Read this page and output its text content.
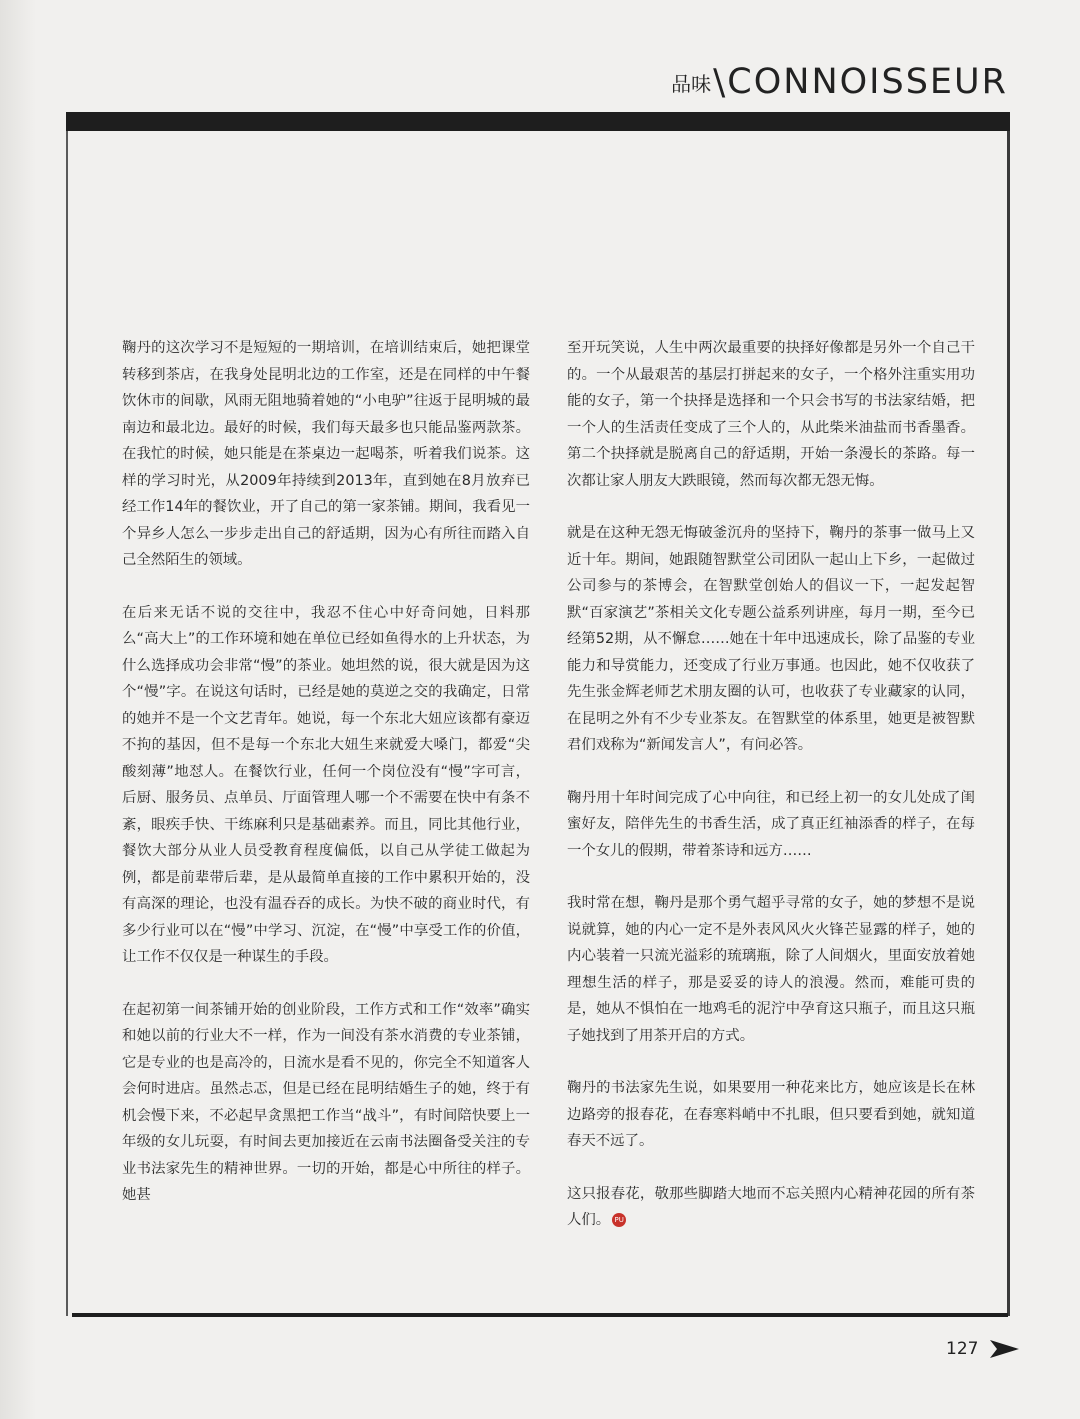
品味 \ CONNOISSEUR

鞠丹的这次学习不是短短的一期培训，在培训结束后，她把课堂转移到茶店，在我身处昆明北边的工作室，还是在同样的中午餐饮休市的间歇，风雨无阻地骑着她的“小电驴”往返于昆明城的最南边和最北边。最好的时候，我们每天最多也只能品鉴两款茶。在我忙的时候，她只能是在茶桌边一起喝茶，听着我们说茶。这样的学习时光，从2009年持续到2013年，直到她在8月放弃已经工作14年的餐饮业，开了自己的第一家茶铺。期间，我看见一个异乡人怎么一步步走出自己的舒适期，因为心有所往而踏入自己全然陌生的领域。

在后来无话不说的交往中，我忍不住心中好奇问她，日料那么“高大上”的工作环境和她在单位已经如鱼得水的上升状态，为什么选择成功会非常“慢”的茶业。她坦然的说，很大就是因为这个“慢”字。在说这句话时，已经是她的莫逆之交的我确定，日常的她并不是一个文艺青年。她说，每一个东北大妞应该都有豪迈不拘的基因，但不是每一个东北大妞生来就爱大嗓门，都爱“尖酸刻薄”地怼人。在餐饮行业，任何一个岗位没有“慢”字可言，后厨、服务员、点单员、厅面管理人哪一个不需要在快中有条不紊，眼疾手快、干练麻利只是基础素养。而且，同比其他行业，餐饮大部分从业人员受教育程度偏低，以自己从学徒工做起为例，都是前辈带后辈，是从最简单直接的工作中累积开始的，没有高深的理论，也没有温吞吞的成长。为快不破的商业时代，有多少行业可以在“慢”中学习、沉淀，在“慢”中享受工作的价值，让工作不仅仅是一种谋生的手段。

在起初第一间茶铺开始的创业阶段，工作方式和工作“效率”确实和她以前的行业大不一样，作为一间没有茶水消费的专业茶铺，它是专业的也是高冷的，日流水是看不见的，你完全不知道客人会何时进店。虽然忐忑，但是已经在昆明结婚生子的她，终于有机会慢下来，不必起早贪黑把工作当“战斗”，有时间陪快要上一年级的女儿玩耍，有时间去更加接近在云南书法圈备受关注的专业书法家先生的精神世界。一切的开始，都是心中所往的样子。她甚

至开玩笑说，人生中两次最重要的抉择好像都是另外一个自己干的。一个从最艰苦的基层打拼起来的女子，一个格外注重实用功能的女子，第一个抉择是选择和一个只会书写的书法家结婚，把一个人的生活责任变成了三个人的，从此柴米油盐而书香墨香。第二个抉择就是脱离自己的舒适期，开始一条漫长的茶路。每一次都让家人朋友大跌眼镜，然而每次都无怨无悔。

就是在这种无怨无悔破釜沉舟的坚持下，鞠丹的茶事一做马上又近十年。期间，她跟随智默堂公司团队一起山上下乡，一起做过公司参与的茶博会，在智默堂创始人的倡议一下，一起发起智默“百家演艺”茶相关文化专题公益系列讲座，每月一期，至今已经第52期，从不懈怠……她在十年中迅速成长，除了品鉴的专业能力和导赏能力，还变成了行业万事通。也因此，她不仅收获了先生张金辉老师艺术朋友圈的认可，也收获了专业藏家的认同，在昆明之外有不少专业茶友。在智默堂的体系里，她更是被智默君们戏称为“新闻发言人”，有问必答。

鞠丹用十年时间完成了心中向往，和已经上初一的女儿处成了闺蜜好友，陪伴先生的书香生活，成了真正红袖添香的样子，在每一个女儿的假期，带着茶诗和远方……

我时常在想，鞠丹是那个勇气超乎寻常的女子，她的梦想不是说说就算，她的内心一定不是外表风风火火锋芒显露的样子，她的内心装着一只流光溢彩的琉璃瓶，除了人间烟火，里面安放着她理想生活的样子，那是妥妥的诗人的浪漫。然而，难能可贵的是，她从不惧怕在一地鸡毛的泥泞中孕育这只瓶子，而且这只瓶子她找到了用茶开启的方式。

鞠丹的书法家先生说，如果要用一种花来比方，她应该是长在林边路旁的报春花，在春寒料峭中不扎眼，但只要看到她，就知道春天不远了。

这只报春花，敬那些脚踏大地而不忘关照内心精神花园的所有茶人们。 PU

127
